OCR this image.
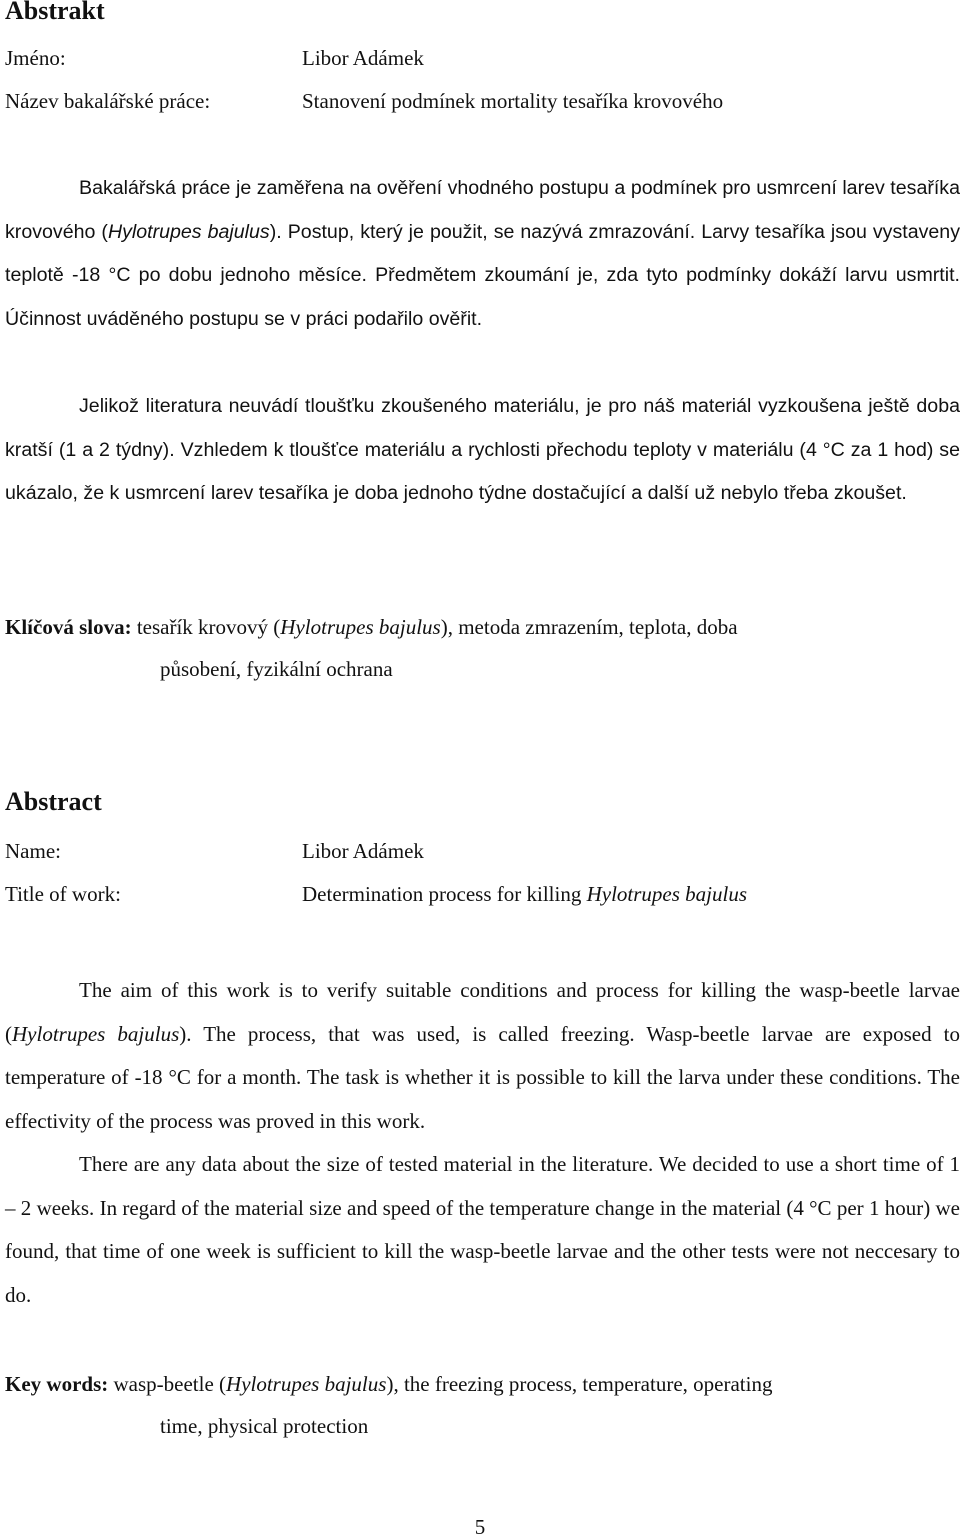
Abstrakt
Jméno:	Libor Adámek
Název bakalářské práce:	Stanovení podmínek mortality tesaříka krovového

Bakalářská práce je zaměřena na ověření vhodného postupu a podmínek pro usmrcení larev tesaříka krovového (Hylotrupes bajulus). Postup, který je použit, se nazývá zmrazování. Larvy tesaříka jsou vystaveny teplotě -18 °C po dobu jednoho měsíce. Předmětem zkoumání je, zda tyto podmínky dokáží larvu usmrtit. Účinnost uváděného postupu se v práci podařilo ověřit.

Jelikož literatura neuvádí tloušťku zkoušeného materiálu, je pro náš materiál vyzkoušena ještě doba kratší (1 a 2 týdny). Vzhledem k tloušťce materiálu a rychlosti přechodu teploty v materiálu (4 °C za 1 hod) se ukázalo, že k usmrcení larev tesaříka je doba jednoho týdne dostačující a další už nebylo třeba zkoušet.

Klíčová slova: tesařík krovový (Hylotrupes bajulus), metoda zmrazením, teplota, doba
působení, fyzikální ochrana
Abstract
Name:	Libor Adámek
Title of work:	Determination process for killing Hylotrupes bajulus

The aim of this work is to verify suitable conditions and process for killing the wasp-beetle larvae (Hylotrupes bajulus). The process, that was used, is called freezing. Wasp-beetle larvae are exposed to temperature of -18 °C for a month. The task is whether it is possible to kill the larva under these conditions. The effectivity of the process was proved in this work.

There are any data about the size of tested material in the literature. We decided to use a short time of 1 – 2 weeks. In regard of the material size and speed of the temperature change in the material (4 °C per 1 hour) we found, that time of one week is sufficient to kill the wasp-beetle larvae and the other tests were not neccesary to do.

Key words: wasp-beetle (Hylotrupes bajulus), the freezing process, temperature, operating
time, physical protection
5
